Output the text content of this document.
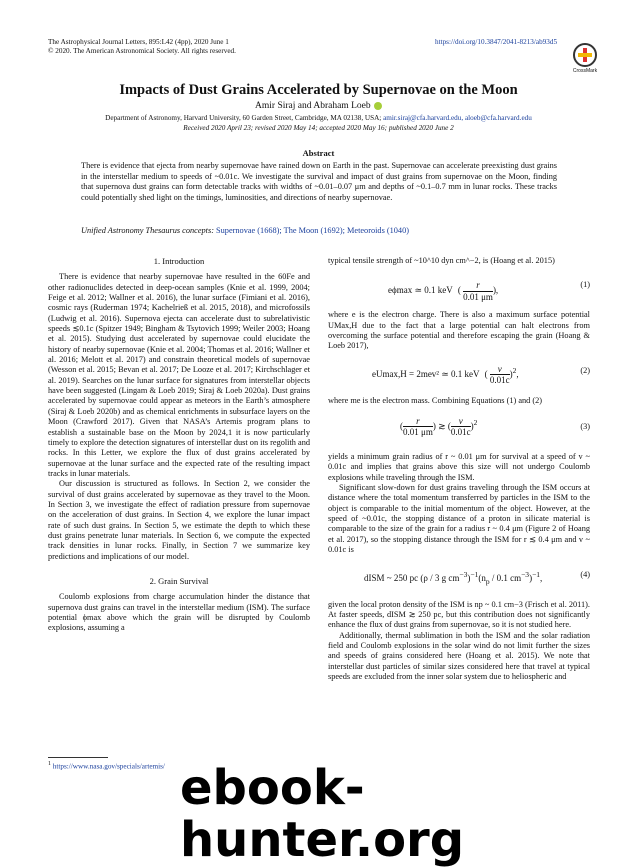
The Astrophysical Journal Letters, 895:L42 (4pp), 2020 June 1
© 2020. The American Astronomical Society. All rights reserved.
https://doi.org/10.3847/2041-8213/ab93d5
CrossMark
Impacts of Dust Grains Accelerated by Supernovae on the Moon
Amir Siraj and Abraham Loeb
Department of Astronomy, Harvard University, 60 Garden Street, Cambridge, MA 02138, USA; amir.siraj@cfa.harvard.edu, aloeb@cfa.harvard.edu
Received 2020 April 23; revised 2020 May 14; accepted 2020 May 16; published 2020 June 2
Abstract
There is evidence that ejecta from nearby supernovae have rained down on Earth in the past. Supernovae can accelerate preexisting dust grains in the interstellar medium to speeds of ~0.01c. We investigate the survival and impact of dust grains from supernovae on the Moon, finding that supernova dust grains can form detectable tracks with widths of ~0.01–0.07 μm and depths of ~0.1–0.7 mm in lunar rocks. These tracks could potentially shed light on the timings, luminosities, and directions of nearby supernovae.
Unified Astronomy Thesaurus concepts: Supernovae (1668); The Moon (1692); Meteoroids (1040)
1. Introduction

There is evidence that nearby supernovae have resulted in the 60Fe and other radionuclides detected in deep-ocean samples (Knie et al. 1999, 2004; Feige et al. 2012; Wallner et al. 2016), the lunar surface (Fimiani et al. 2016), cosmic rays (Ruderman 1974; Kachelrieß et al. 2015, 2018), and microfossils (Ludwig et al. 2016). Supernova ejecta can accelerate dust to subrelativistic speeds ≲0.1c (Spitzer 1949; Bingham & Tsytovich 1999; Weiler 2003; Hoang et al. 2015). Studying dust accelerated by supernovae could elucidate the history of nearby supernovae (Knie et al. 2004; Thomas et al. 2016; Wallner et al. 2016; Melott et al. 2017) and constrain theoretical models of supernovae (Wesson et al. 2015; Bevan et al. 2017; De Looze et al. 2017; Kirchschlager et al. 2019). Searches on the lunar surface for signatures from interstellar objects have been suggested (Lingam & Loeb 2019; Siraj & Loeb 2020a). Dust grains accelerated by supernovae could appear as meteors in the Earth’s atmosphere (Siraj & Loeb 2020b) and as chemical enrichments in subsurface layers on the Moon (Crawford 2017). Given that NASA’s Artemis program plans to establish a sustainable base on the Moon by 2024,1 it is now particularly timely to explore the detection signatures of interstellar dust on its regolith and rocks. In this Letter, we explore the flux of dust grains accelerated by supernovae at the lunar surface and the expected rate of the resulting impact tracks in lunar materials.

Our discussion is structured as follows. In Section 2, we consider the survival of dust grains accelerated by supernovae as they travel to the Moon. In Section 3, we investigate the effect of radiation pressure from supernovae on the acceleration of dust grains. In Section 4, we explore the lunar impact rate of such dust grains. In Section 5, we estimate the depth to which these dust grains penetrate lunar materials. In Section 6, we compute the expected track densities in lunar rocks. Finally, in Section 7 we summarize key predictions and implications of our model.

2. Grain Survival

Coulomb explosions from charge accumulation hinder the distance that supernova dust grains can travel in the interstellar medium (ISM). The surface potential ϕmax above which the grain will be disrupted by Coulomb explosions, assuming a

$^1$ https://www.nasa.gov/specials/artemis/

typical tensile strength of ~10^10 dyn cm^−2, is (Hoang et al. 2015)

eϕmax ≃ 0.1 keV ( $\frac{r}{0.01 \mu m}$ ),
(1)

where e is the electron charge. There is also a maximum surface potential UMax,H due to the fact that a large potential can halt electrons from overcoming the surface potential and therefore escaping the grain (Hoang & Loeb 2017),

eUmax,H = 2mev² ≃ 0.1 keV ( $\frac{v}{0.01c} )^2$,	(2)

where me is the electron mass. Combining Equations (1) and (2)

( $\frac{r}{0.01 \mu m}$ ) ≳ ( $\frac{v}{0.01c} )^2$	(3)

yields a minimum grain radius of r ~ 0.01 μm for survival at a speed of v ~ 0.01c and implies that grains above this size will not undergo Coulomb explosions while traveling through the ISM.

Significant slow-down for dust grains traveling through the ISM occurs at distance where the total momentum transferred by particles in the ISM to the object is comparable to the initial momentum of the object. However, at the speed of ~0.01c, the stopping distance of a proton in silicate material is comparable to the size of the grain for a radius r ~ 0.4 μm (Figure 2 of Hoang et al. 2017), so the stopping distance through the ISM for r ≲ 0.4 μm and v ~ 0.01c is

dISM ~ 250 pc (ρ / 3 g $cm^{-3})^{-1}(n_p / 0.1$ $cm^{-3})^{-1}$,	(4)

given the local proton density of the ISM is np ~ 0.1 cm−3 (Frisch et al. 2011). At faster speeds, dISM ≳ 250 pc, but this contribution does not significantly enhance the flux of dust grains from supernovae, so it is not studied here.

Additionally, thermal sublimation in both the ISM and the solar radiation field and Coulomb explosions in the solar wind do not limit further the sizes and speeds of grains considered here (Hoang et al. 2015). We note that interstellar dust particles of similar sizes considered here that travel at typical speeds are excluded from the inner solar system due to heliospheric and

ebook-hunter.org
